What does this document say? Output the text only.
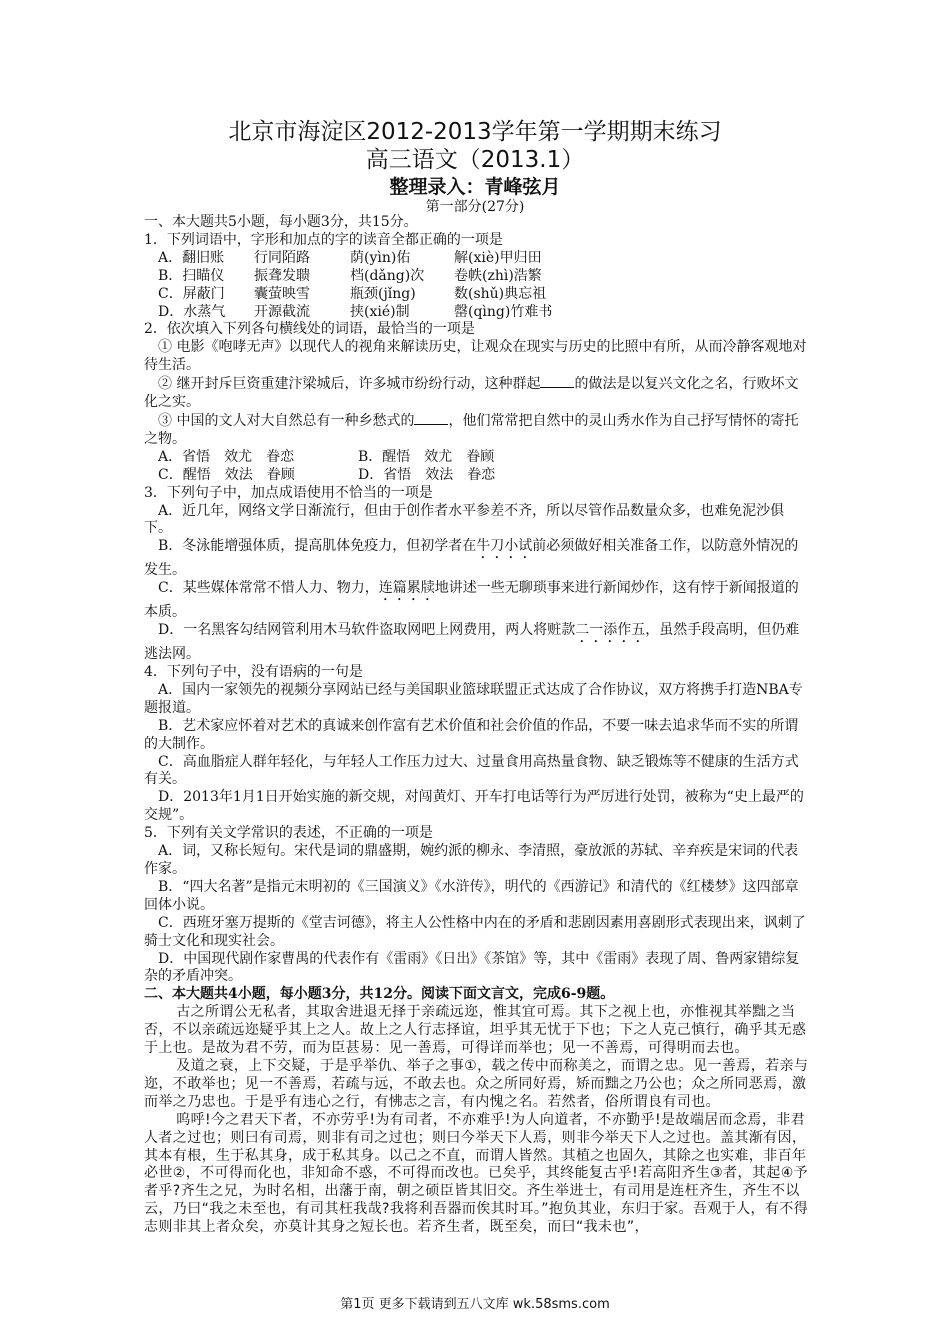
北京市海淀区2012-2013学年第一学期期末练习
高三语文（2013.1）
整理录入：青峰弦月
第一部分(27分)

一、本大题共5小题，每小题3分，共15分。

1．下列词语中，字形和加点的字的读音全都正确的一项是

A．翻旧账	行同陌路	荫(yìn)佑	解(xiè)甲归田
B．扫瞄仪	振聋发聩	档(dǎng)次	卷帙(zhì)浩繁
C．屏蔽门	囊萤映雪	瓶颈(jǐng)	数(shǔ)典忘祖
D．水蒸气	开源截流	挟(xié)制	罄(qìng)竹难书

2．依次填入下列各句横线处的词语，最恰当的一项是

① 电影《咆哮无声》以现代人的视角来解读历史，让观众在现实与历史的比照中有所，从而冷静客观地对待生活。

② 继开封斥巨资重建汴梁城后，许多城市纷纷行动，这种群起 的做法是以复兴文化之名，行败坏文化之实。

③ 中国的文人对大自然总有一种乡愁式的 ，他们常常把自然中的灵山秀水作为自己抒写情怀的寄托之物。

A．省悟　效尤　眷恋	B．醒悟　效尤　眷顾
C．醒悟　效法　眷顾	D．省悟　效法　眷恋

3．下列句子中，加点成语使用不恰当的一项是

A．近几年，网络文学日渐流行，但由于创作者水平参差不齐，所以尽管作品数量众多，也难免泥沙俱下。

B．冬泳能增强体质，提高肌体免疫力，但初学者在牛刀小试前必须做好相关准备工作，以防意外情况的发生。

C．某些媒体常常不惜人力、物力，连篇累牍地讲述一些无聊琐事来进行新闻炒作，这有悖于新闻报道的本质。

D．一名黑客勾结网管利用木马软件盗取网吧上网费用，两人将赃款二一添作五，虽然手段高明，但仍难逃法网。

4．下列句子中，没有语病的一句是

A．国内一家领先的视频分享网站已经与美国职业篮球联盟正式达成了合作协议，双方将携手打造NBA专题报道。

B．艺术家应怀着对艺术的真诚来创作富有艺术价值和社会价值的作品，不要一味去追求华而不实的所谓的大制作。

C．高血脂症人群年轻化，与年轻人工作压力过大、过量食用高热量食物、缺乏锻炼等不健康的生活方式有关。

D．2013年1月1日开始实施的新交规，对闯黄灯、开车打电话等行为严厉进行处罚，被称为“史上最严的交规”。

5．下列有关文学常识的表述，不正确的一项是

A．词，又称长短句。宋代是词的鼎盛期，婉约派的柳永、李清照，豪放派的苏轼、辛弃疾是宋词的代表作家。

B．“四大名著”是指元末明初的《三国演义》《水浒传》，明代的《西游记》和清代的《红楼梦》这四部章回体小说。

C．西班牙塞万提斯的《堂吉诃德》，将主人公性格中内在的矛盾和悲剧因素用喜剧形式表现出来，讽刺了骑士文化和现实社会。

D．中国现代剧作家曹禺的代表作有《雷雨》《日出》《茶馆》等，其中《雷雨》表现了周、鲁两家错综复杂的矛盾冲突。

二、本大题共4小题，每小题3分，共12分。阅读下面文言文，完成6-9题。

古之所谓公无私者，其取舍进退无择于亲疏远迩，惟其宜可焉。其下之视上也，亦惟视其举黜之当否，不以亲疏远迩疑乎其上之人。故上之人行志择谊，坦乎其无忧于下也；下之人克己慎行，确乎其无惑于上也。是故为君不劳，而为臣甚易：见一善焉，可得详而举也；见一不善焉，可得明而去也。

及道之衰，上下交疑，于是乎举仇、举子之事①，载之传中而称美之，而谓之忠。见一善焉，若亲与迩，不敢举也；见一不善焉，若疏与远，不敢去也。众之所同好焉，矫而黜之乃公也；众之所同恶焉，激而举之乃忠也。于是乎有违心之行，有怫志之言，有内愧之名。若然者，俗所谓良有司也。

呜呼!今之君天下者，不亦劳乎!为有司者，不亦难乎!为人向道者，不亦勤乎!是故端居而念焉，非君人者之过也；则曰有司焉，则非有司之过也；则曰今举天下人焉，则非今举天下人之过也。盖其渐有因，其本有根，生于私其身，成于私其身。以己之不直，而谓人皆然。其植之也固久，其除之也实难，非百年必世②，不可得而化也，非知命不惑，不可得而改也。已矣乎，其终能复古乎!若高阳齐生③者，其起④予者乎?齐生之兄，为时名相，出藩于南，朝之硕臣皆其旧交。齐生举进士，有司用是连枉齐生，齐生不以云，乃曰“我之未至也，有司其枉我哉?我将利吾器而俟其时耳。”抱负其业，东归于家。吾观于人，有不得志则非其上者众矣，亦莫计其身之短长也。若齐生者，既至矣，而曰“我未也”，

第1页 更多下载请到五八文库 wk.58sms.com
